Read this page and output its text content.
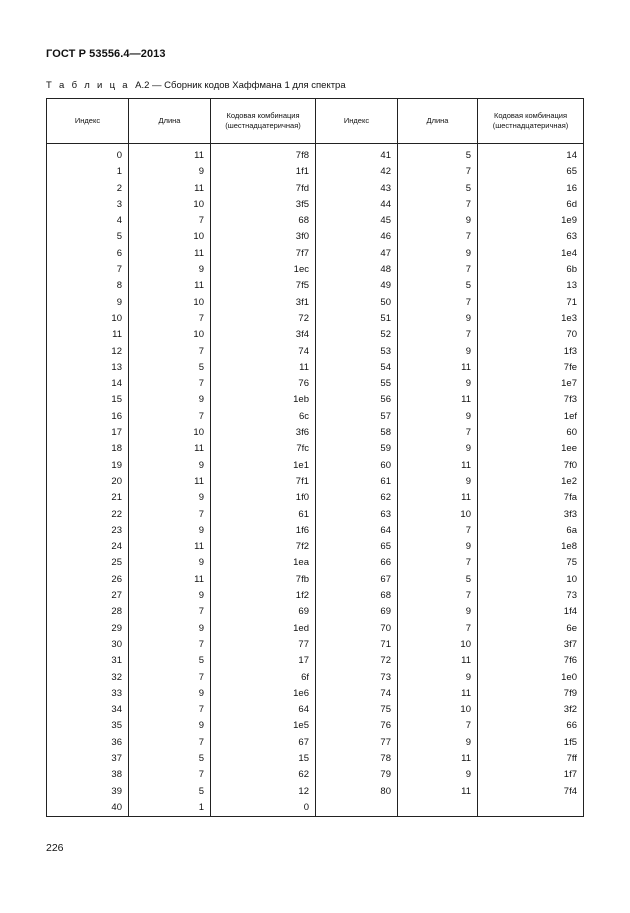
ГОСТ Р 53556.4—2013
Т а б л и ц а А.2 — Сборник кодов Хаффмана 1 для спектра
Индекс	Длина	Кодовая комбинация (шестнадцатеричная)	Индекс	Длина	Кодовая комбинация (шестнадцатеричная)

0	11	7f8	41	5	14
1	9	1f1	42	7	65
2	11	7fd	43	5	16
3	10	3f5	44	7	6d
4	7	68	45	9	1e9
5	10	3f0	46	7	63
6	11	7f7	47	9	1e4
7	9	1ec	48	7	6b
8	11	7f5	49	5	13
9	10	3f1	50	7	71
10	7	72	51	9	1e3
11	10	3f4	52	7	70
12	7	74	53	9	1f3
13	5	11	54	11	7fe
14	7	76	55	9	1e7
15	9	1eb	56	11	7f3
16	7	6c	57	9	1ef
17	10	3f6	58	7	60
18	11	7fc	59	9	1ee
19	9	1e1	60	11	7f0
20	11	7f1	61	9	1e2
21	9	1f0	62	11	7fa
22	7	61	63	10	3f3
23	9	1f6	64	7	6a
24	11	7f2	65	9	1e8
25	9	1ea	66	7	75
26	11	7fb	67	5	10
27	9	1f2	68	7	73
28	7	69	69	9	1f4
29	9	1ed	70	7	6e
30	7	77	71	10	3f7
31	5	17	72	11	7f6
32	7	6f	73	9	1e0
33	9	1e6	74	11	7f9
34	7	64	75	10	3f2
35	9	1e5	76	7	66
36	7	67	77	9	1f5
37	5	15	78	11	7ff
38	7	62	79	9	1f7
39	5	12	80	11	7f4
40	1	0			
226
